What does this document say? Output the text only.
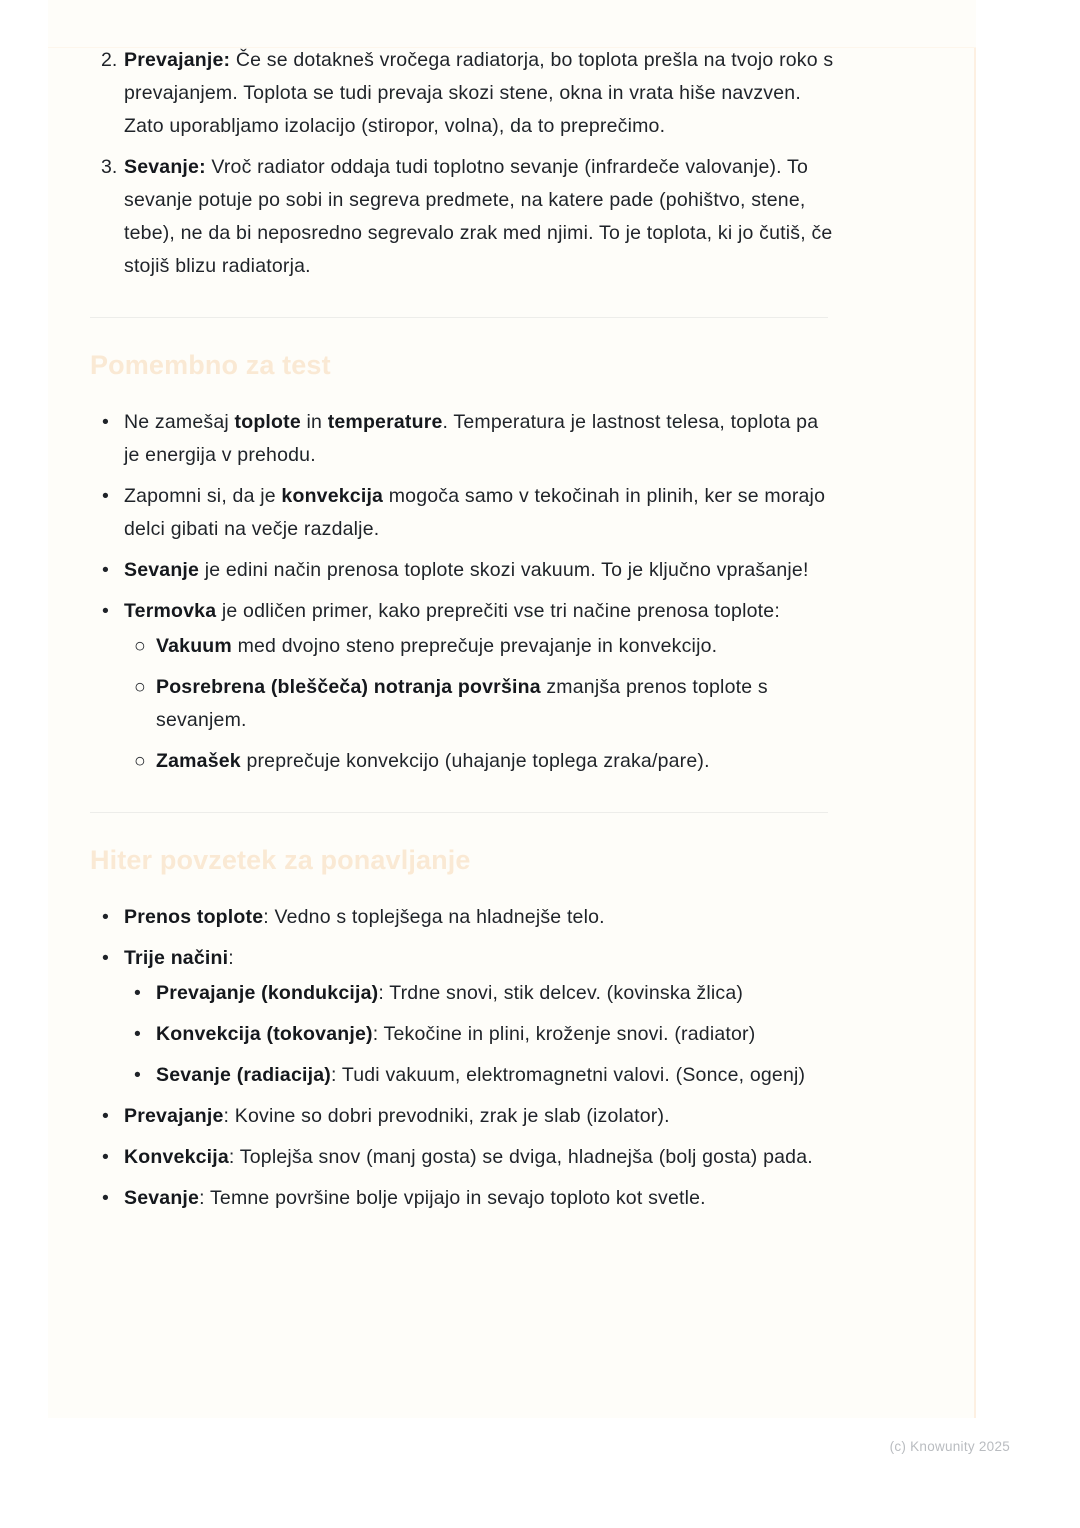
2. Prevajanje: Če se dotakneš vročega radiatorja, bo toplota prešla na tvojo roko s prevajanjem. Toplota se tudi prevaja skozi stene, okna in vrata hiše navzven. Zato uporabljamo izolacijo (stiropor, volna), da to preprečimo.
3. Sevanje: Vroč radiator oddaja tudi toplotno sevanje (infrardeče valovanje). To sevanje potuje po sobi in segreva predmete, na katere pade (pohištvo, stene, tebe), ne da bi neposredno segrevalo zrak med njimi. To je toplota, ki jo čutiš, če stojiš blizu radiatorja.
Pomembno za test
• Ne zamešaj toplote in temperature. Temperatura je lastnost telesa, toplota pa je energija v prehodu.
• Zapomni si, da je konvekcija mogoča samo v tekočinah in plinih, ker se morajo delci gibati na večje razdalje.
• Sevanje je edini način prenosa toplote skozi vakuum. To je ključno vprašanje!
• Termovka je odličen primer, kako preprečiti vse tri načine prenosa toplote:
○ Vakuum med dvojno steno preprečuje prevajanje in konvekcijo.
○ Posrebrena (bleščeča) notranja površina zmanjša prenos toplote s sevanjem.
○ Zamašek preprečuje konvekcijo (uhajanje toplega zraka/pare).
Hiter povzetek za ponavljanje
• Prenos toplote: Vedno s toplejšega na hladnejše telo.
• Trije načini:
• Prevajanje (kondukcija): Trdne snovi, stik delcev. (kovinska žlica)
• Konvekcija (tokovanje): Tekočine in plini, kroženje snovi. (radiator)
• Sevanje (radiacija): Tudi vakuum, elektromagnetni valovi. (Sonce, ogenj)
• Prevajanje: Kovine so dobri prevodniki, zrak je slab (izolator).
• Konvekcija: Toplejša snov (manj gosta) se dviga, hladnejša (bolj gosta) pada.
• Sevanje: Temne površine bolje vpijajo in sevajo toploto kot svetle.
(c) Knowunity 2025
